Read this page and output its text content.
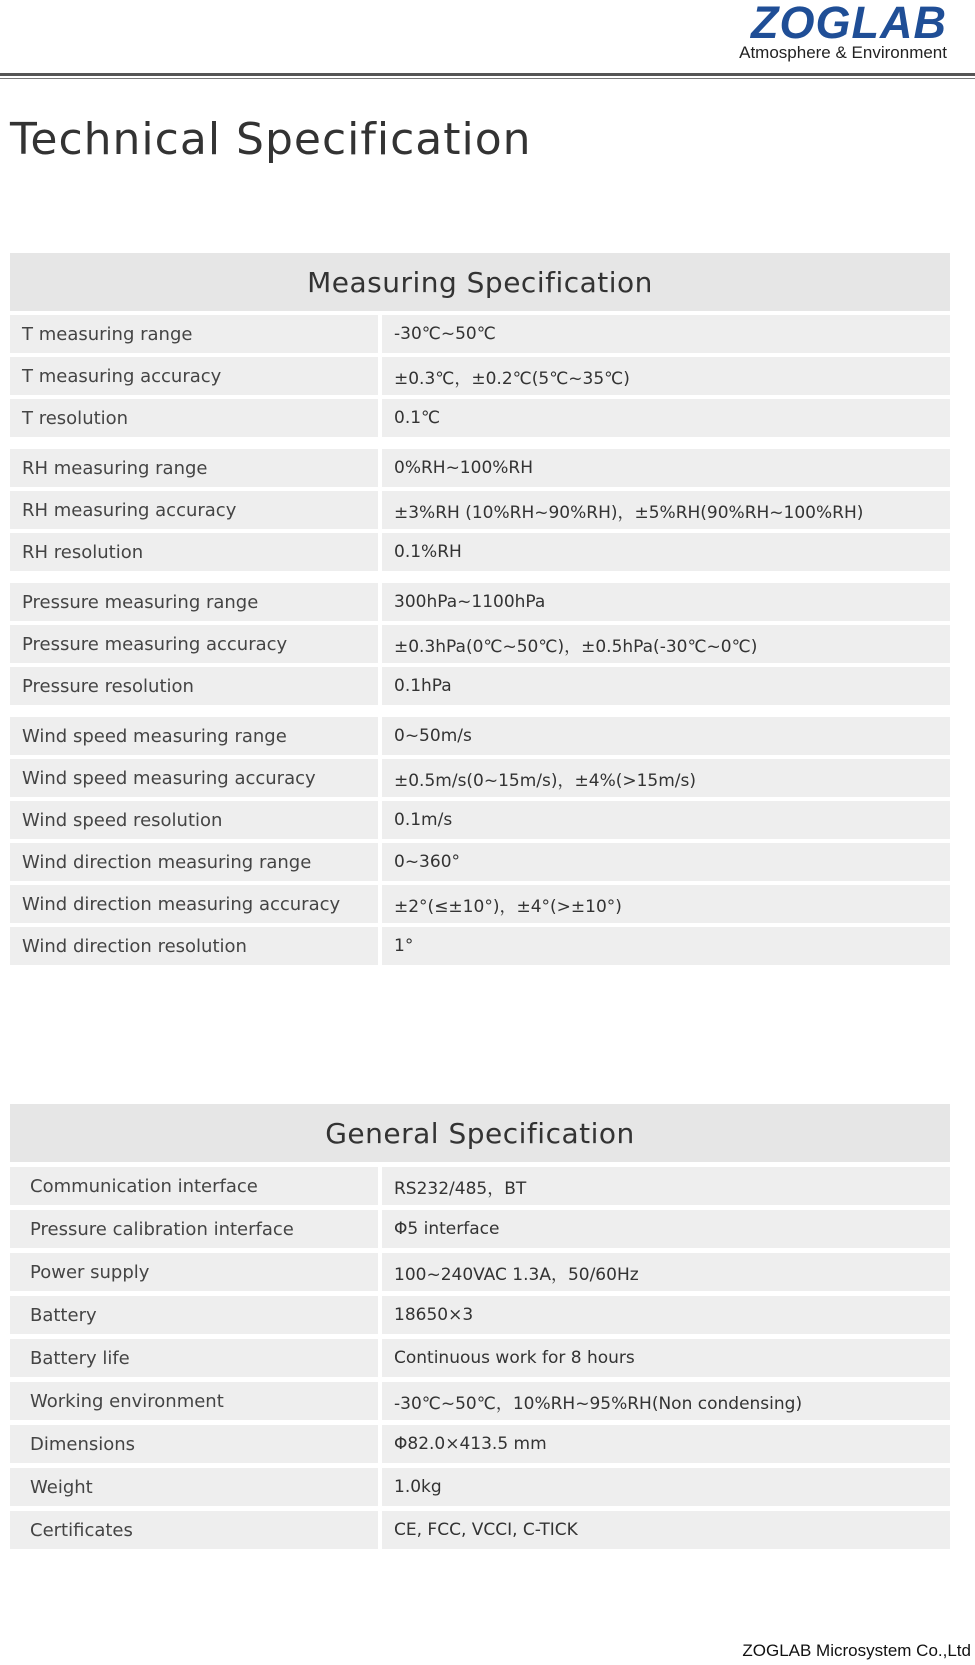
ZOGLAB
Atmosphere & Environment
Technical Specification
Measuring Specification
T measuring range	-30℃~50℃
T measuring accuracy	±0.3℃，±0.2℃(5℃~35℃)
T resolution	0.1℃
RH measuring range	0%RH~100%RH
RH measuring accuracy	±3%RH (10%RH~90%RH)，±5%RH(90%RH~100%RH)
RH resolution	0.1%RH
Pressure measuring range	300hPa~1100hPa
Pressure measuring accuracy	±0.3hPa(0℃~50℃)，±0.5hPa(-30℃~0℃)
Pressure resolution	0.1hPa
Wind speed measuring range	0~50m/s
Wind speed measuring accuracy	±0.5m/s(0~15m/s)，±4%(>15m/s)
Wind speed resolution	0.1m/s
Wind direction measuring range	0~360°
Wind direction measuring accuracy	±2°(≤±10°)，±4°(>±10°)
Wind direction resolution	1°
General Specification
Communication interface	RS232/485，BT
Pressure calibration interface	Φ5 interface
Power supply	100~240VAC 1.3A，50/60Hz
Battery	18650×3
Battery life	Continuous work for 8 hours
Working environment	-30℃~50℃，10%RH~95%RH(Non condensing)
Dimensions	Φ82.0×413.5 mm
Weight	1.0kg
Certificates	CE, FCC, VCCI, C-TICK
ZOGLAB Microsystem Co.,Ltd
